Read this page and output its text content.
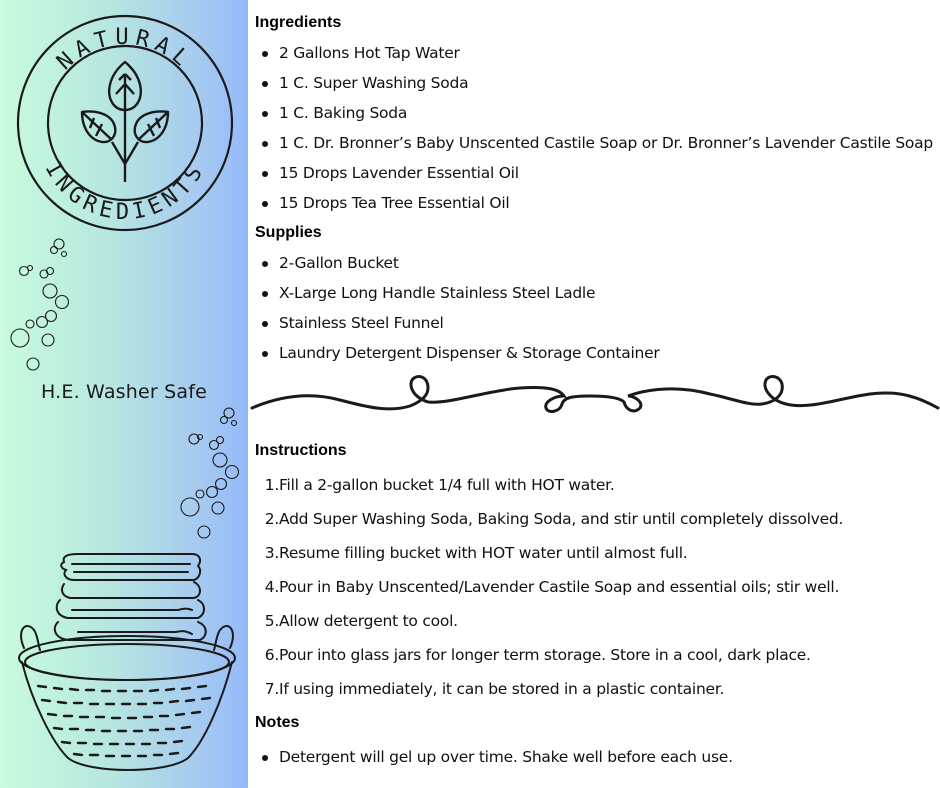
NATURAL
INGREDIENTS
H.E. Washer Safe
Ingredients
2 Gallons Hot Tap Water
1 C. Super Washing Soda
1 C. Baking Soda
1 C. Dr. Bronner’s Baby Unscented Castile Soap or Dr. Bronner’s Lavender Castile Soap
15 Drops Lavender Essential Oil
15 Drops Tea Tree Essential Oil
Supplies
2-Gallon Bucket
X-Large Long Handle Stainless Steel Ladle
Stainless Steel Funnel
Laundry Detergent Dispenser & Storage Container
Instructions
1. Fill a 2-gallon bucket 1/4 full with HOT water.
2. Add Super Washing Soda, Baking Soda, and stir until completely dissolved.
3. Resume filling bucket with HOT water until almost full.
4. Pour in Baby Unscented/Lavender Castile Soap and essential oils; stir well.
5. Allow detergent to cool.
6. Pour into glass jars for longer term storage. Store in a cool, dark place.
7. If using immediately, it can be stored in a plastic container.
Notes
Detergent will gel up over time. Shake well before each use.
